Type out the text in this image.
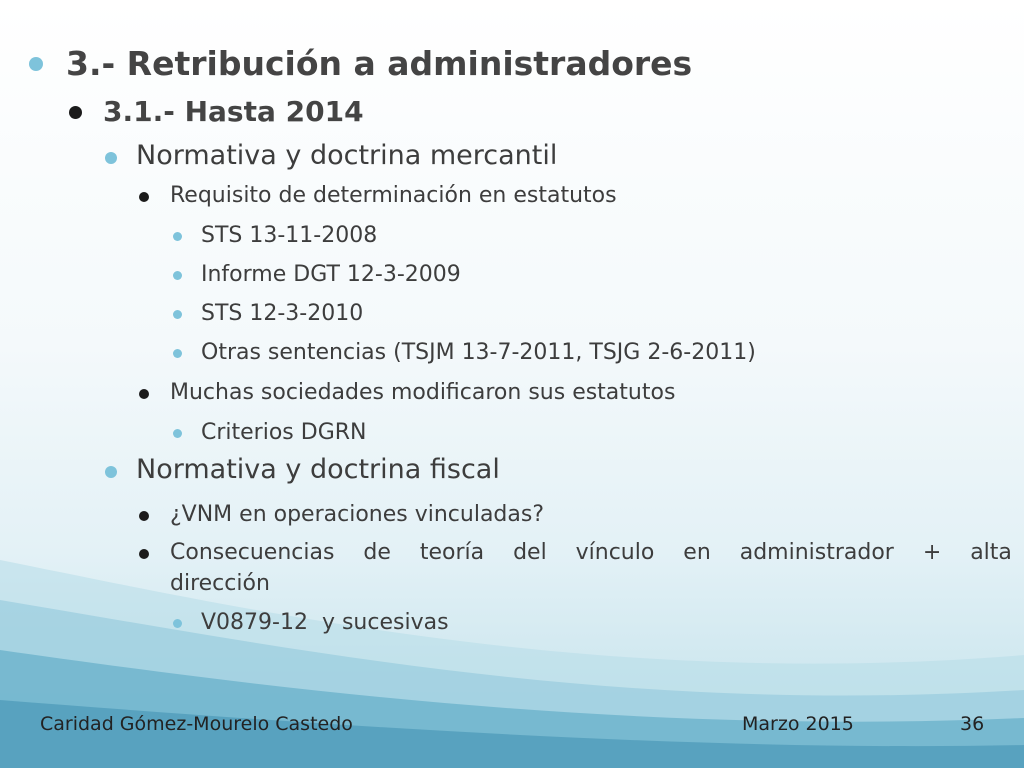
3.- Retribución a administradores
3.1.- Hasta 2014
Normativa y doctrina mercantil
Requisito de determinación en estatutos
STS 13-11-2008
Informe DGT 12-3-2009
STS 12-3-2010
Otras sentencias (TSJM 13-7-2011, TSJG 2-6-2011)
Muchas sociedades modificaron sus estatutos
Criterios DGRN
Normativa y doctrina fiscal
¿VNM en operaciones vinculadas?
Consecuencias de teoría del vínculo en administrador + alta
dirección
V0879-12  y sucesivas
Caridad Gómez-Mourelo Castedo	Marzo 2015	36
